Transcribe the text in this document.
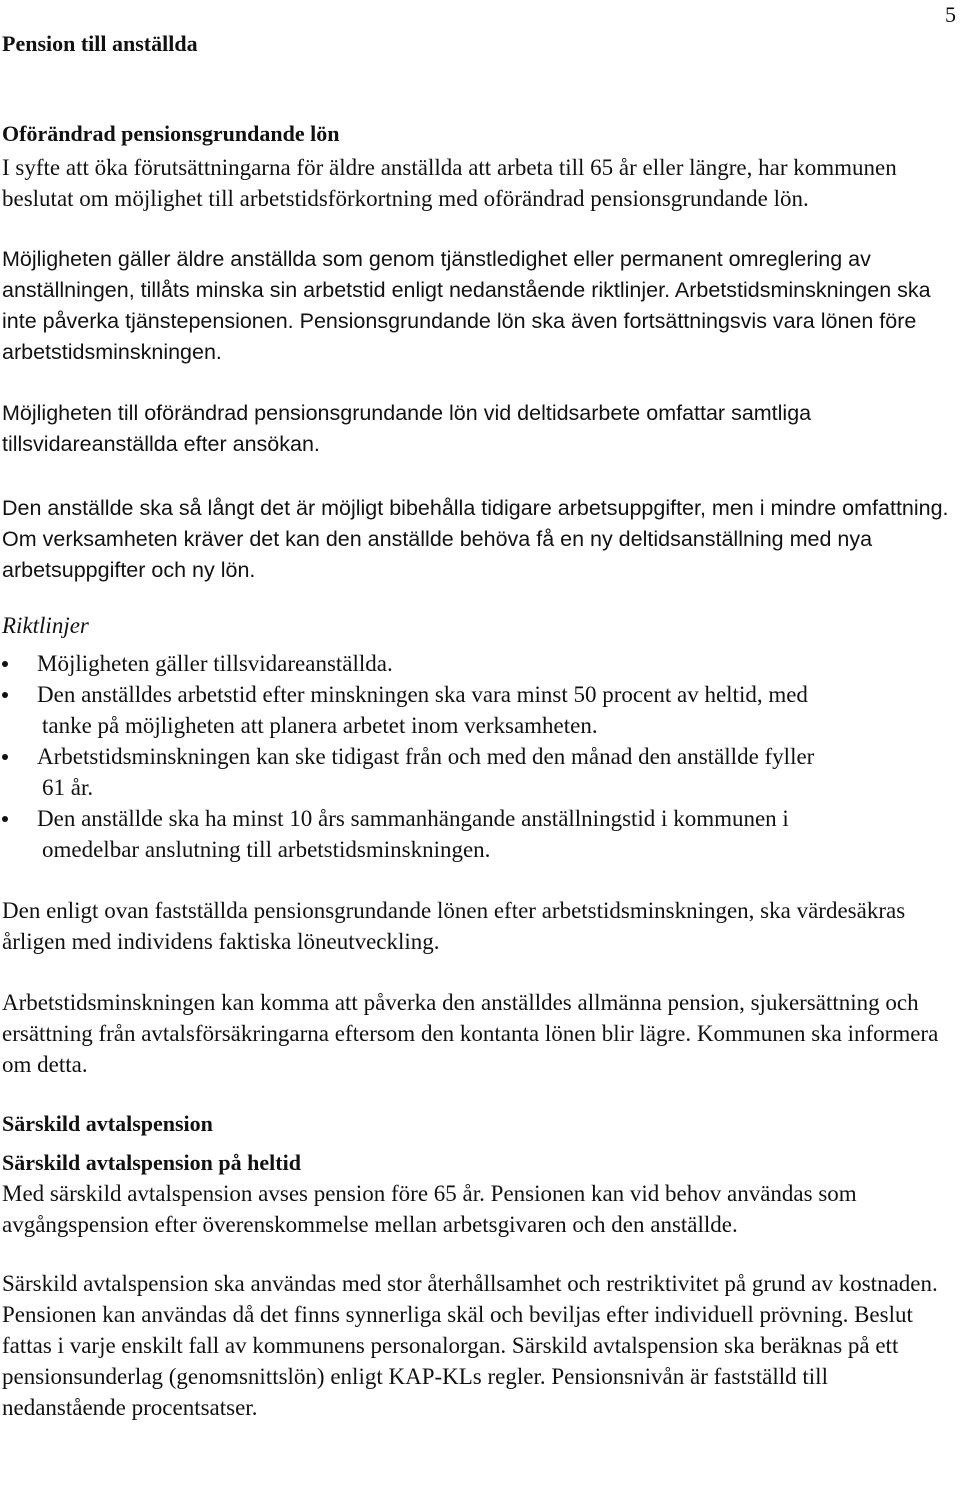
5
Pension till anställda
Oförändrad pensionsgrundande lön

I syfte att öka förutsättningarna för äldre anställda att arbeta till 65 år eller längre, har kommunen beslutat om möjlighet till arbetstidsförkortning med oförändrad pensionsgrundande lön.

Möjligheten gäller äldre anställda som genom tjänstledighet eller permanent omreglering av anställningen, tillåts minska sin arbetstid enligt nedanstående riktlinjer. Arbetstidsminskningen ska inte påverka tjänstepensionen. Pensionsgrundande lön ska även fortsättningsvis vara lönen före arbetstidsminskningen.

Möjligheten till oförändrad pensionsgrundande lön vid deltidsarbete omfattar samtliga tillsvidareanställda efter ansökan.

Den anställde ska så långt det är möjligt bibehålla tidigare arbetsuppgifter, men i mindre omfattning. Om verksamheten kräver det kan den anställde behöva få en ny deltidsanställning med nya arbetsuppgifter och ny lön.

Riktlinjer

Möjligheten gäller tillsvidareanställda.
Den anställdes arbetstid efter minskningen ska vara minst 50 procent av heltid, med
tanke på möjligheten att planera arbetet inom verksamheten.
Arbetstidsminskningen kan ske tidigast från och med den månad den anställde fyller
61 år.
Den anställde ska ha minst 10 års sammanhängande anställningstid i kommunen i
omedelbar anslutning till arbetstidsminskningen.

Den enligt ovan fastställda pensionsgrundande lönen efter arbetstidsminskningen, ska värdesäkras årligen med individens faktiska löneutveckling.

Arbetstidsminskningen kan komma att påverka den anställdes allmänna pension, sjukersättning och ersättning från avtalsförsäkringarna eftersom den kontanta lönen blir lägre. Kommunen ska informera om detta.

Särskild avtalspension
Särskild avtalspension på heltid

Med särskild avtalspension avses pension före 65 år. Pensionen kan vid behov användas som avgångspension efter överenskommelse mellan arbetsgivaren och den anställde.

Särskild avtalspension ska användas med stor återhållsamhet och restriktivitet på grund av kostnaden. Pensionen kan användas då det finns synnerliga skäl och beviljas efter individuell prövning. Beslut fattas i varje enskilt fall av kommunens personalorgan. Särskild avtalspension ska beräknas på ett pensionsunderlag (genomsnittslön) enligt KAP-KLs regler. Pensionsnivån är fastställd till nedanstående procentsatser.
